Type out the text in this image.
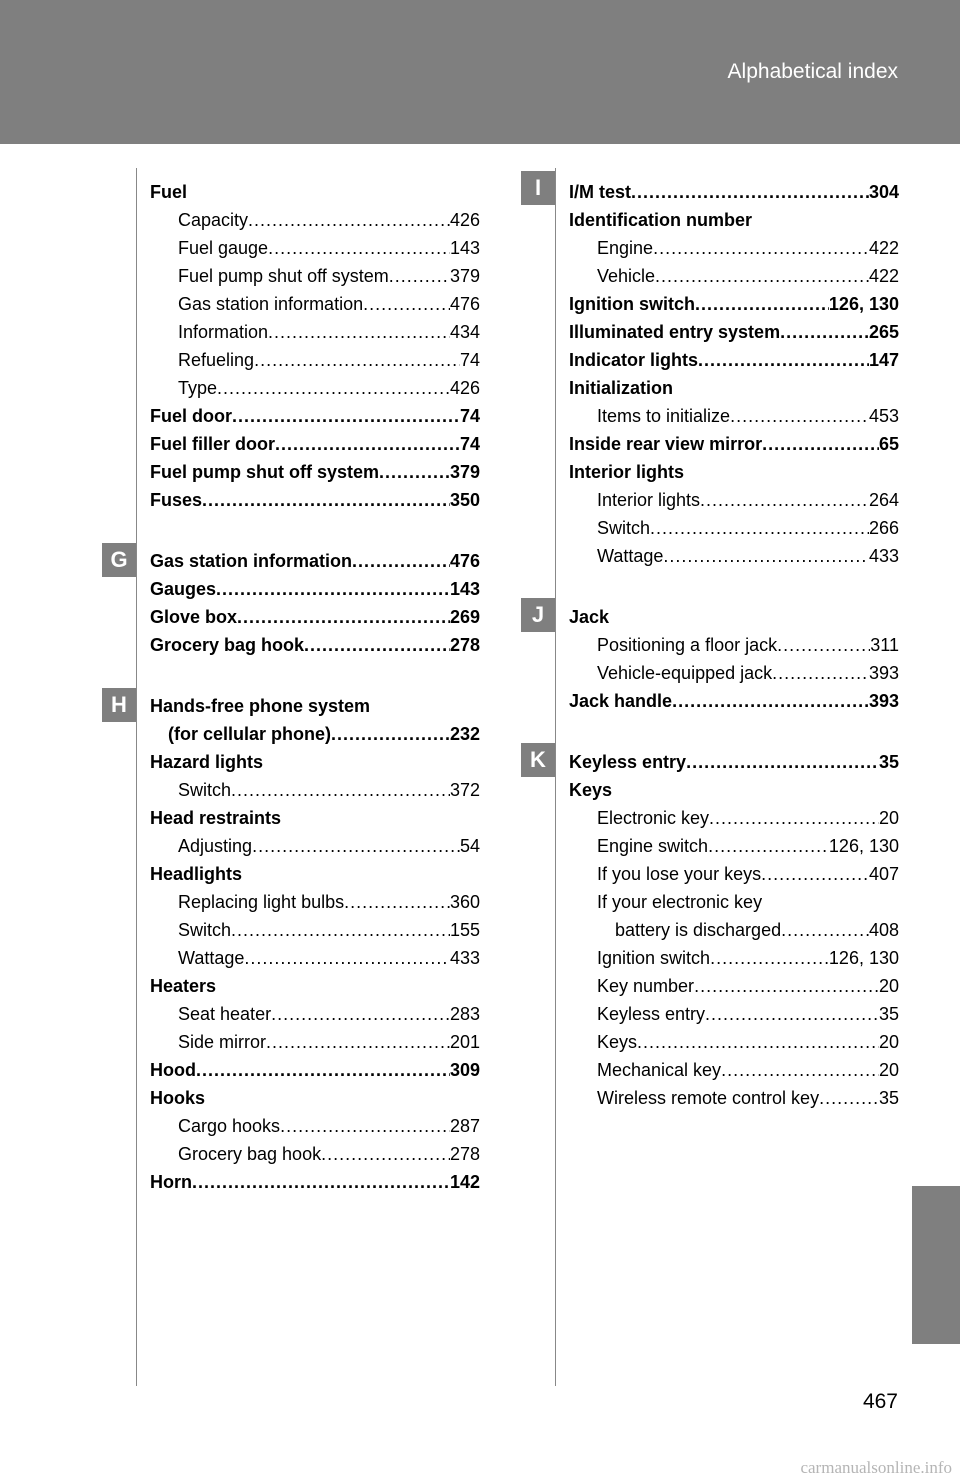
Alphabetical index
G
H
I
J
K
Fuel
Capacity .....	426
Fuel gauge .....	143
Fuel pump shut off system .....	379
Gas station information .....	476
Information .....	434
Refueling .....	74
Type .....	426
Fuel door .....	74
Fuel filler door .....	74
Fuel pump shut off system .....	379
Fuses .....	350
Gas station information .....	476
Gauges .....	143
Glove box .....	269
Grocery bag hook .....	278
Hands-free phone system
(for cellular phone) .....	232
Hazard lights
Switch .....	372
Head restraints
Adjusting .....	54
Headlights
Replacing light bulbs .....	360
Switch .....	155
Wattage .....	433
Heaters
Seat heater .....	283
Side mirror .....	201
Hood .....	309
Hooks
Cargo hooks .....	287
Grocery bag hook .....	278
Horn .....	142
I/M test .....	304
Identification number
Engine .....	422
Vehicle .....	422
Ignition switch .....	126, 130
Illuminated entry system .....	265
Indicator lights .....	147
Initialization
Items to initialize .....	453
Inside rear view mirror .....	65
Interior lights
Interior lights .....	264
Switch .....	266
Wattage .....	433
Jack
Positioning a floor jack .....	311
Vehicle-equipped jack .....	393
Jack handle .....	393
Keyless entry .....	35
Keys
Electronic key .....	20
Engine switch .....	126, 130
If you lose your keys .....	407
If your electronic key
battery is discharged .....	408
Ignition switch .....	126, 130
Key number .....	20
Keyless entry .....	35
Keys .....	20
Mechanical key .....	20
Wireless remote control key .....	35
467
carmanualsonline.info
